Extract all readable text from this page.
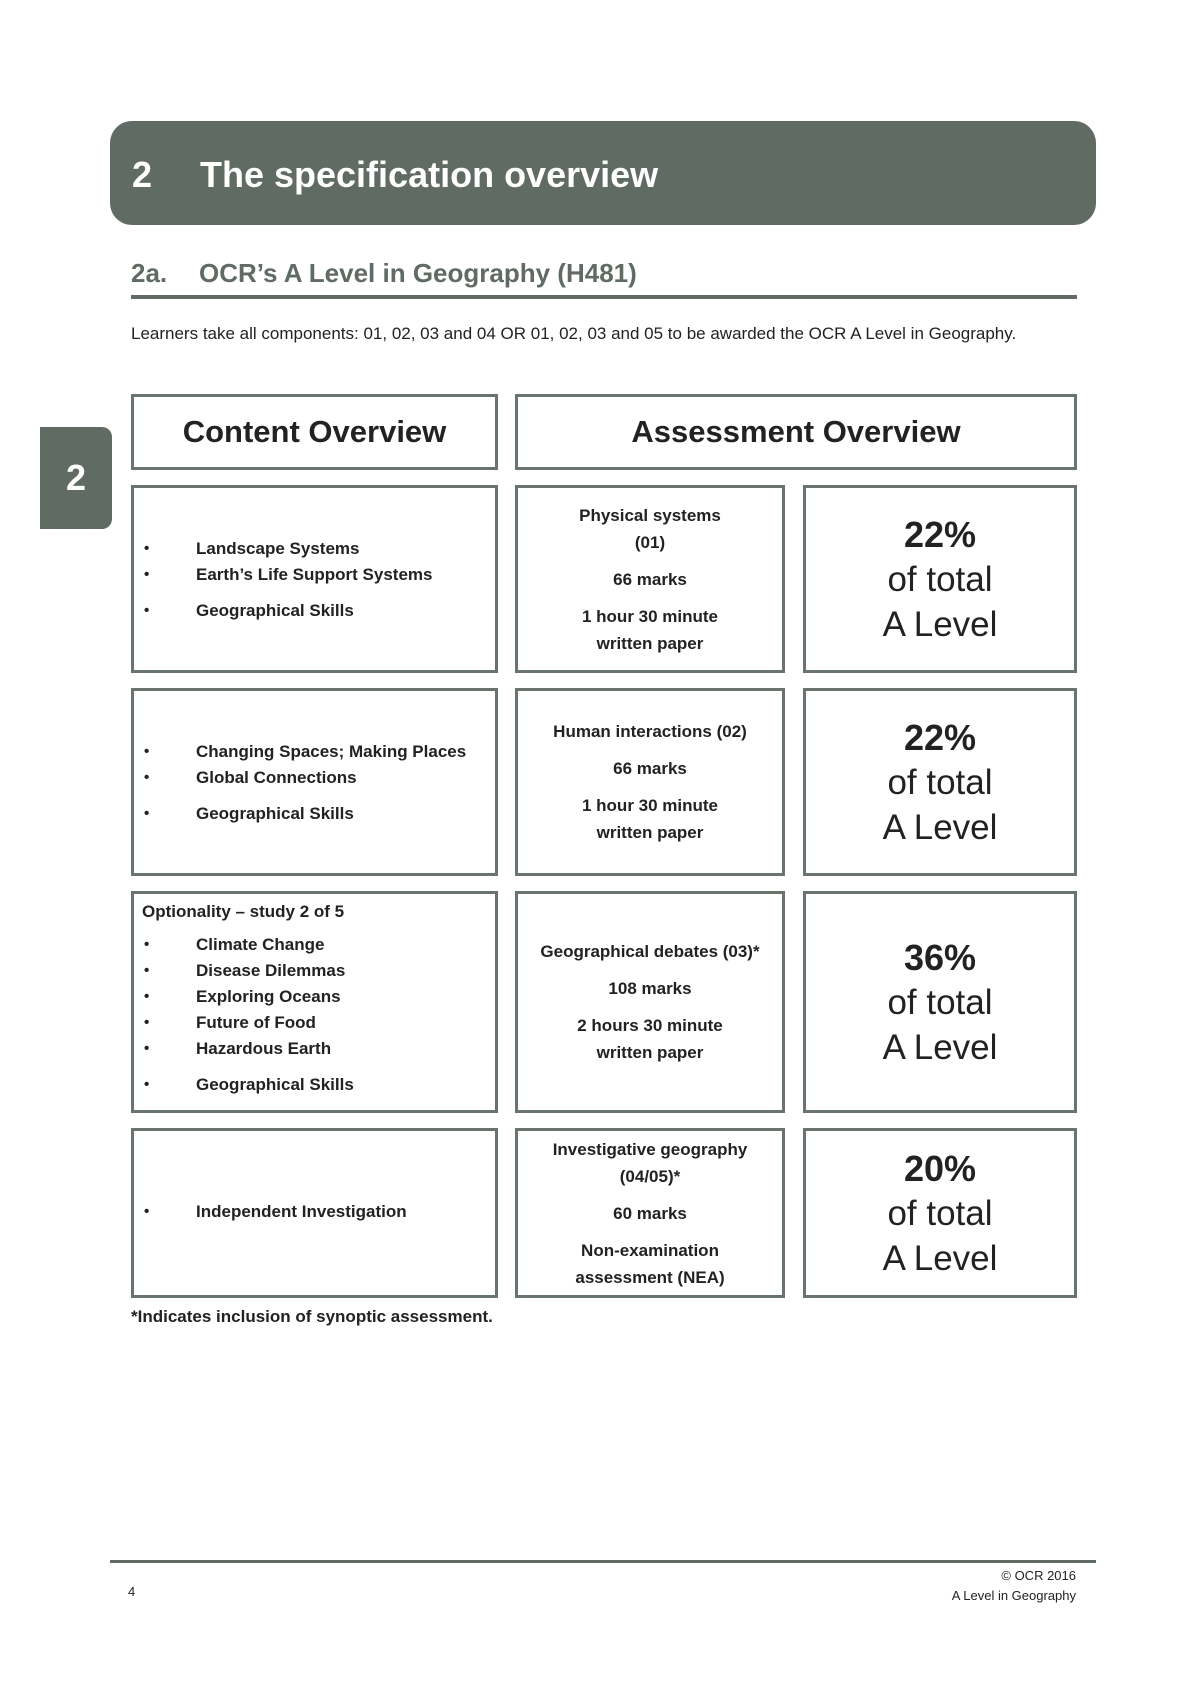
2 The specification overview
2
2a. OCR’s A Level in Geography (H481)
Learners take all components: 01, 02, 03 and 04 OR 01, 02, 03 and 05 to be awarded the OCR A Level in Geography.
Content Overview	Assessment Overview
• Landscape Systems
• Earth’s Life Support Systems
• Geographical Skills
Physical systems
(01)
66 marks
1 hour 30 minute
written paper
22%
of total
A Level
• Changing Spaces; Making Places
• Global Connections
• Geographical Skills
Human interactions (02)
66 marks
1 hour 30 minute
written paper
22%
of total
A Level
Optionality – study 2 of 5
• Climate Change
• Disease Dilemmas
• Exploring Oceans
• Future of Food
• Hazardous Earth
• Geographical Skills
Geographical debates (03)*
108 marks
2 hours 30 minute
written paper
36%
of total
A Level
• Independent Investigation
Investigative geography
(04/05)*
60 marks
Non-examination
assessment (NEA)
20%
of total
A Level
*Indicates inclusion of synoptic assessment.
4
© OCR 2016
A Level in Geography
